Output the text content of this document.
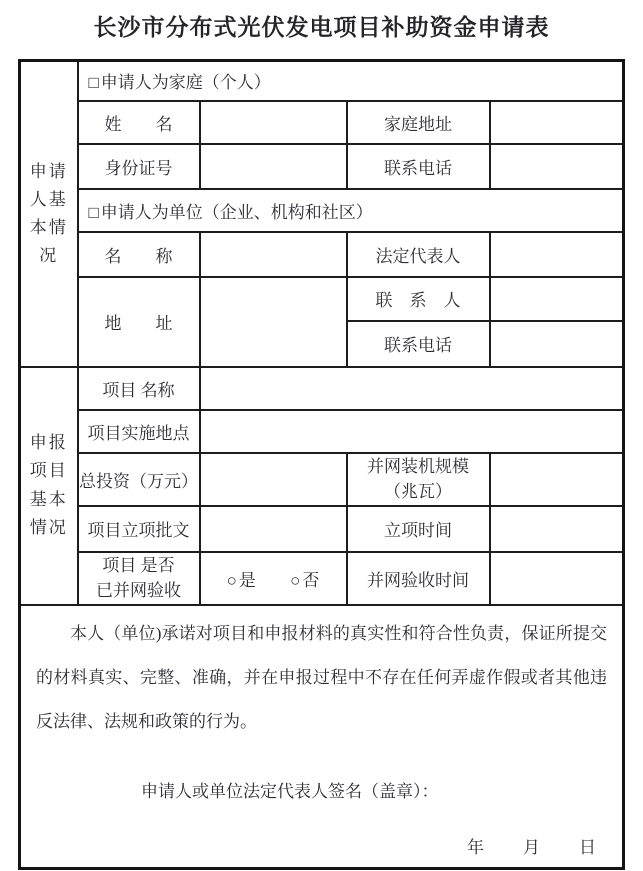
长沙市分布式光伏发电项目补助资金申请表
申请人基本情况	□ 申请人为家庭（个人）			
	姓　　名		家庭地址	
	身份证号		联系电话	
	□ 申请人为单位（企业、机构和社区）			
	名　　称		法定代表人	
	地　　址		联　系　人	
			联系电话	
申报项目基本情况	项目 名称			
	项目实施地点			
	总投资（万元）		并网装机规模
（兆瓦）	
	项目立项批文		立项时间	
	项目 是否
已并网验收	○ 是 ○ 否	并网验收时间	

本人（单位)承诺对项目和申报材料的真实性和符合性负责，保证所提交的材料真实、完整、准确，并在申报过程中不存在任何弄虚作假或者其他违反法律、法规和政策的行为。

申请人或单位法定代表人签名（盖章）：
年 月 日				
